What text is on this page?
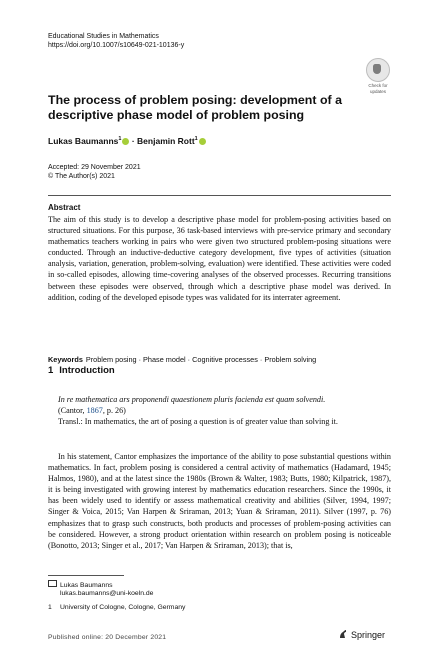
Educational Studies in Mathematics
https://doi.org/10.1007/s10649-021-10136-y
Check for
updates
The process of problem posing: development of a descriptive phase model of problem posing
Lukas Baumanns$^1$ · Benjamin Rott$^1$
Accepted: 29 November 2021
© The Author(s) 2021
Abstract

The aim of this study is to develop a descriptive phase model for problem-posing activities based on structured situations. For this purpose, 36 task-based interviews with pre-service primary and secondary mathematics teachers working in pairs who were given two structured problem-posing situations were conducted. Through an inductive-deductive category development, five types of activities (situation analysis, variation, generation, problem-solving, evaluation) were identified. These activities were coded in so-called episodes, allowing time-covering analyses of the observed processes. Recurring transitions between these episodes were observed, through which a descriptive phase model was derived. In addition, coding of the developed episode types was validated for its interrater agreement.

Keywords Problem posing · Phase model · Cognitive processes · Problem solving
1 Introduction

In re mathematica ars proponendi quaestionem pluris facienda est quam solvendi.

(Cantor, 1867, p. 26)

Transl.: In mathematics, the art of posing a question is of greater value than solving it.

In his statement, Cantor emphasizes the importance of the ability to pose substantial questions within mathematics. In fact, problem posing is considered a central activity of mathematics (Hadamard, 1945; Halmos, 1980), and at the latest since the 1980s (Brown & Walter, 1983; Butts, 1980; Kilpatrick, 1987), it is being investigated with growing interest by mathematics education researchers. Since the 1990s, it has been widely used to identify or assess mathematical creativity and abilities (Silver, 1994, 1997; Singer & Voica, 2015; Van Harpen & Sriraman, 2013; Yuan & Sriraman, 2011). Silver (1997, p. 76) emphasizes that to grasp such constructs, both products and processes of problem-posing activities can be considered. However, a strong product orientation within research on problem posing is noticeable (Bonotto, 2013; Singer et al., 2017; Van Harpen & Sriraman, 2013); that is,

Lukas Baumanns
lukas.baumanns@uni-koeln.de
1 University of Cologne, Cologne, Germany
Published online: 20 December 2021	Springer
